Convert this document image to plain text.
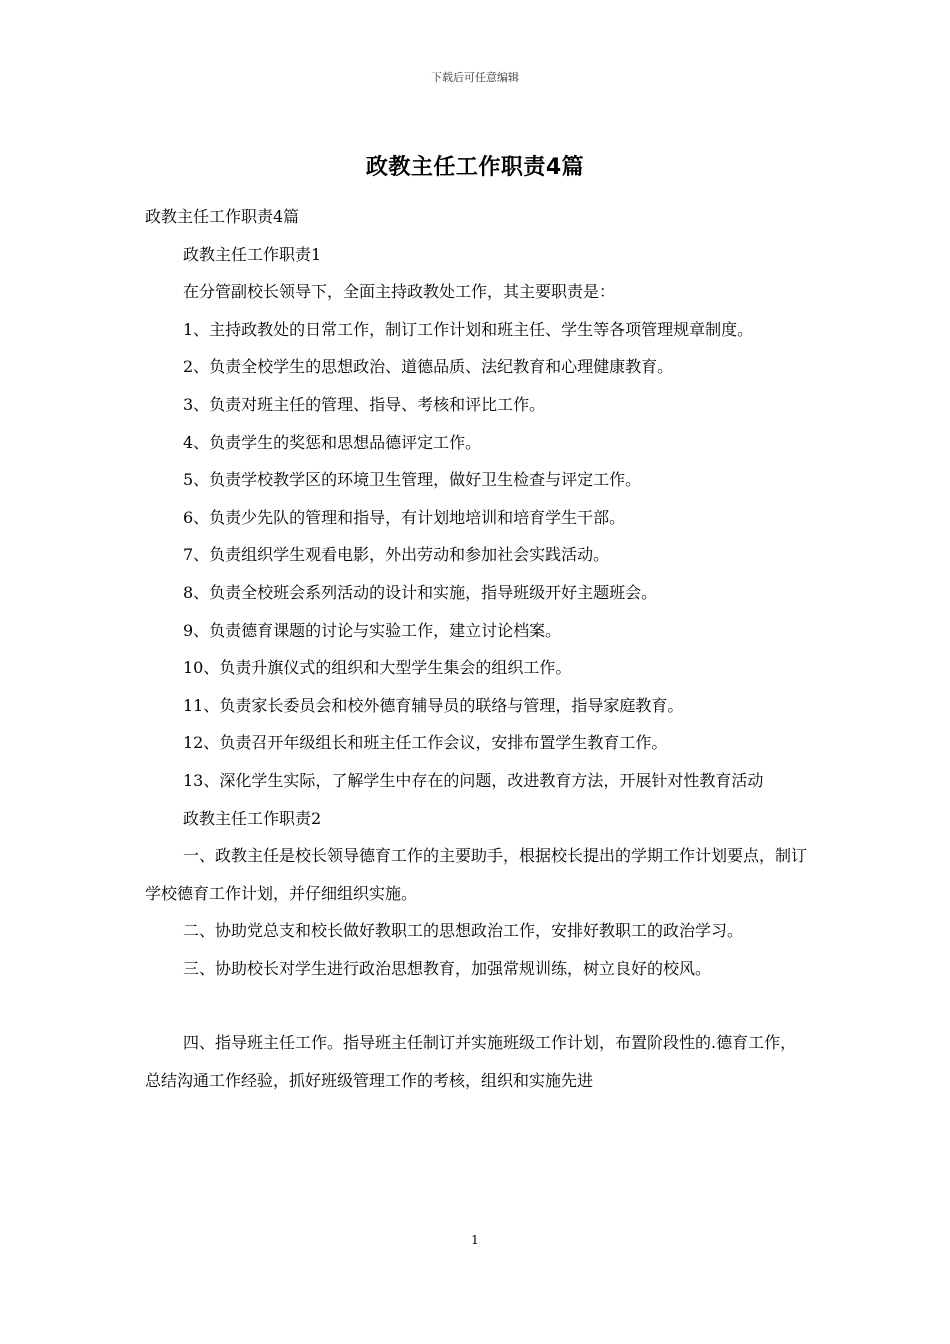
下载后可任意编辑
政教主任工作职责4篇

政教主任工作职责4篇

政教主任工作职责1

在分管副校长领导下，全面主持政教处工作，其主要职责是：

1、主持政教处的日常工作，制订工作计划和班主任、学生等各项管理规章制度。

2、负责全校学生的思想政治、道德品质、法纪教育和心理健康教育。

3、负责对班主任的管理、指导、考核和评比工作。

4、负责学生的奖惩和思想品德评定工作。

5、负责学校教学区的环境卫生管理，做好卫生检查与评定工作。

6、负责少先队的管理和指导，有计划地培训和培育学生干部。

7、负责组织学生观看电影，外出劳动和参加社会实践活动。

8、负责全校班会系列活动的设计和实施，指导班级开好主题班会。

9、负责德育课题的讨论与实验工作，建立讨论档案。

10、负责升旗仪式的组织和大型学生集会的组织工作。

11、负责家长委员会和校外德育辅导员的联络与管理，指导家庭教育。

12、负责召开年级组长和班主任工作会议，安排布置学生教育工作。

13、深化学生实际，了解学生中存在的问题，改进教育方法，开展针对性教育活动

政教主任工作职责2

一、政教主任是校长领导德育工作的主要助手，根据校长提出的学期工作计划要点，制订学校德育工作计划，并仔细组织实施。

二、协助党总支和校长做好教职工的思想政治工作，安排好教职工的政治学习。

三、协助校长对学生进行政治思想教育，加强常规训练，树立良好的校风。

四、指导班主任工作。指导班主任制订并实施班级工作计划，布置阶段性的.德育工作，总结沟通工作经验，抓好班级管理工作的考核，组织和实施先进

1
